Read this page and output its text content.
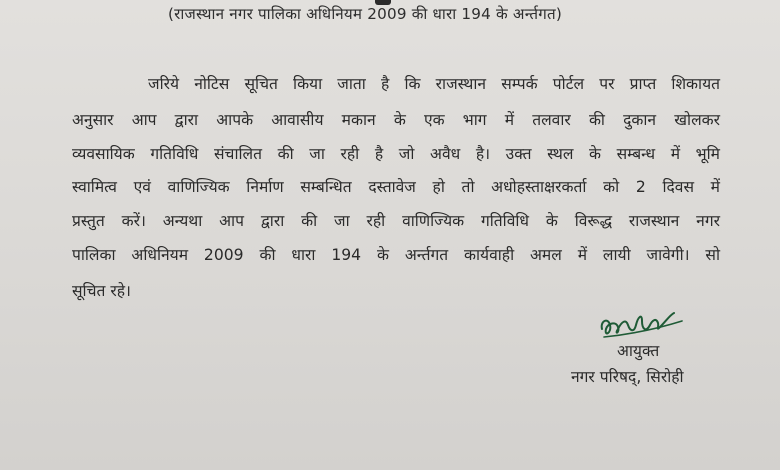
(राजस्थान नगर पालिका अधिनियम 2009 की धारा 194 के अर्न्तगत)
जरिये नोटिस सूचित किया जाता है कि राजस्थान सम्पर्क पोर्टल पर प्राप्त शिकायत
अनुसार आप द्वारा आपके आवासीय मकान के एक भाग में तलवार की दुकान खोलकर
व्यवसायिक गतिविधि संचालित की जा रही है जो अवैध है। उक्त स्थल के सम्बन्ध में भूमि
स्वामित्व एवं वाणिज्यिक निर्माण सम्बन्धित दस्तावेज हो तो अधोहस्ताक्षरकर्ता को 2 दिवस में
प्रस्तुत करें। अन्यथा आप द्वारा की जा रही वाणिज्यिक गतिविधि के विरूद्ध राजस्थान नगर
पालिका अधिनियम 2009 की धारा 194 के अर्न्तगत कार्यवाही अमल में लायी जावेगी। सो
सूचित रहे।
आयुक्त
नगर परिषद्, सिरोही
